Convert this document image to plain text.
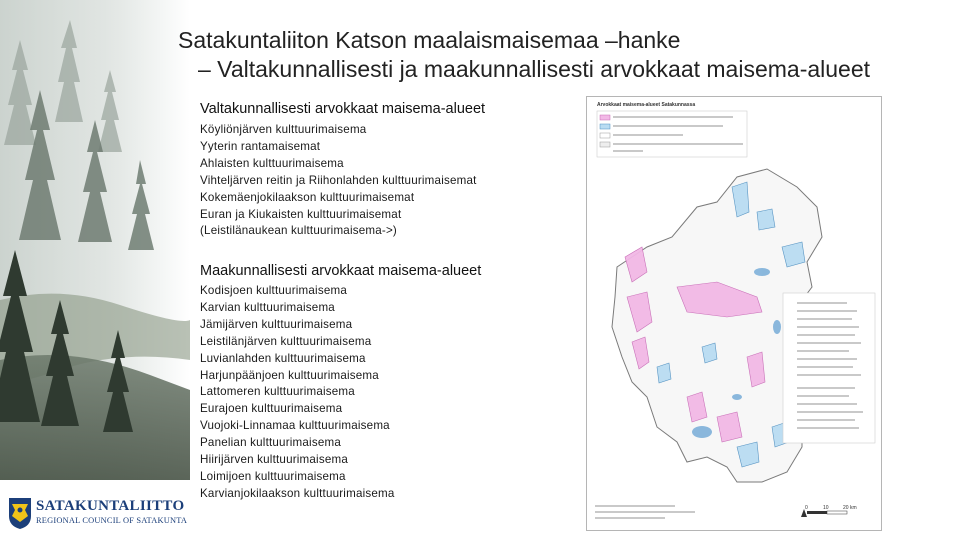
SATAKUNTALIITTO
REGIONAL COUNCIL OF SATAKUNTA
Satakuntaliiton Katson maalaismaisemaa –hanke
– Valtakunnallisesti ja maakunnallisesti arvokkaat maisema-alueet
Valtakunnallisesti arvokkaat maisema-alueet
Köyliönjärven kulttuurimaisema
Yyterin rantamaisemat
Ahlaisten kulttuurimaisema
Vihteljärven reitin ja Riihonlahden kulttuurimaisemat
Kokemäenjokilaakson kulttuurimaisemat
Euran ja Kiukaisten kulttuurimaisemat
(Leistilänaukean kulttuurimaisema->)
Maakunnallisesti arvokkaat maisema-alueet
Kodisjoen kulttuurimaisema
Karvian kulttuurimaisema
Jämijärven kulttuurimaisema
Leistilänjärven kulttuurimaisema
Luvianlahden kulttuurimaisema
Harjunpäänjoen kulttuurimaisema
Lattomeren kulttuurimaisema
Eurajoen kulttuurimaisema
Vuojoki-Linnamaa kulttuurimaisema
Panelian kulttuurimaisema
Hiirijärven kulttuurimaisema
Loimijoen kulttuurimaisema
Karvianjokilaakson kulttuurimaisema
Arvokkaat maisema-alueet Satakunnassa
0	10	20 km
